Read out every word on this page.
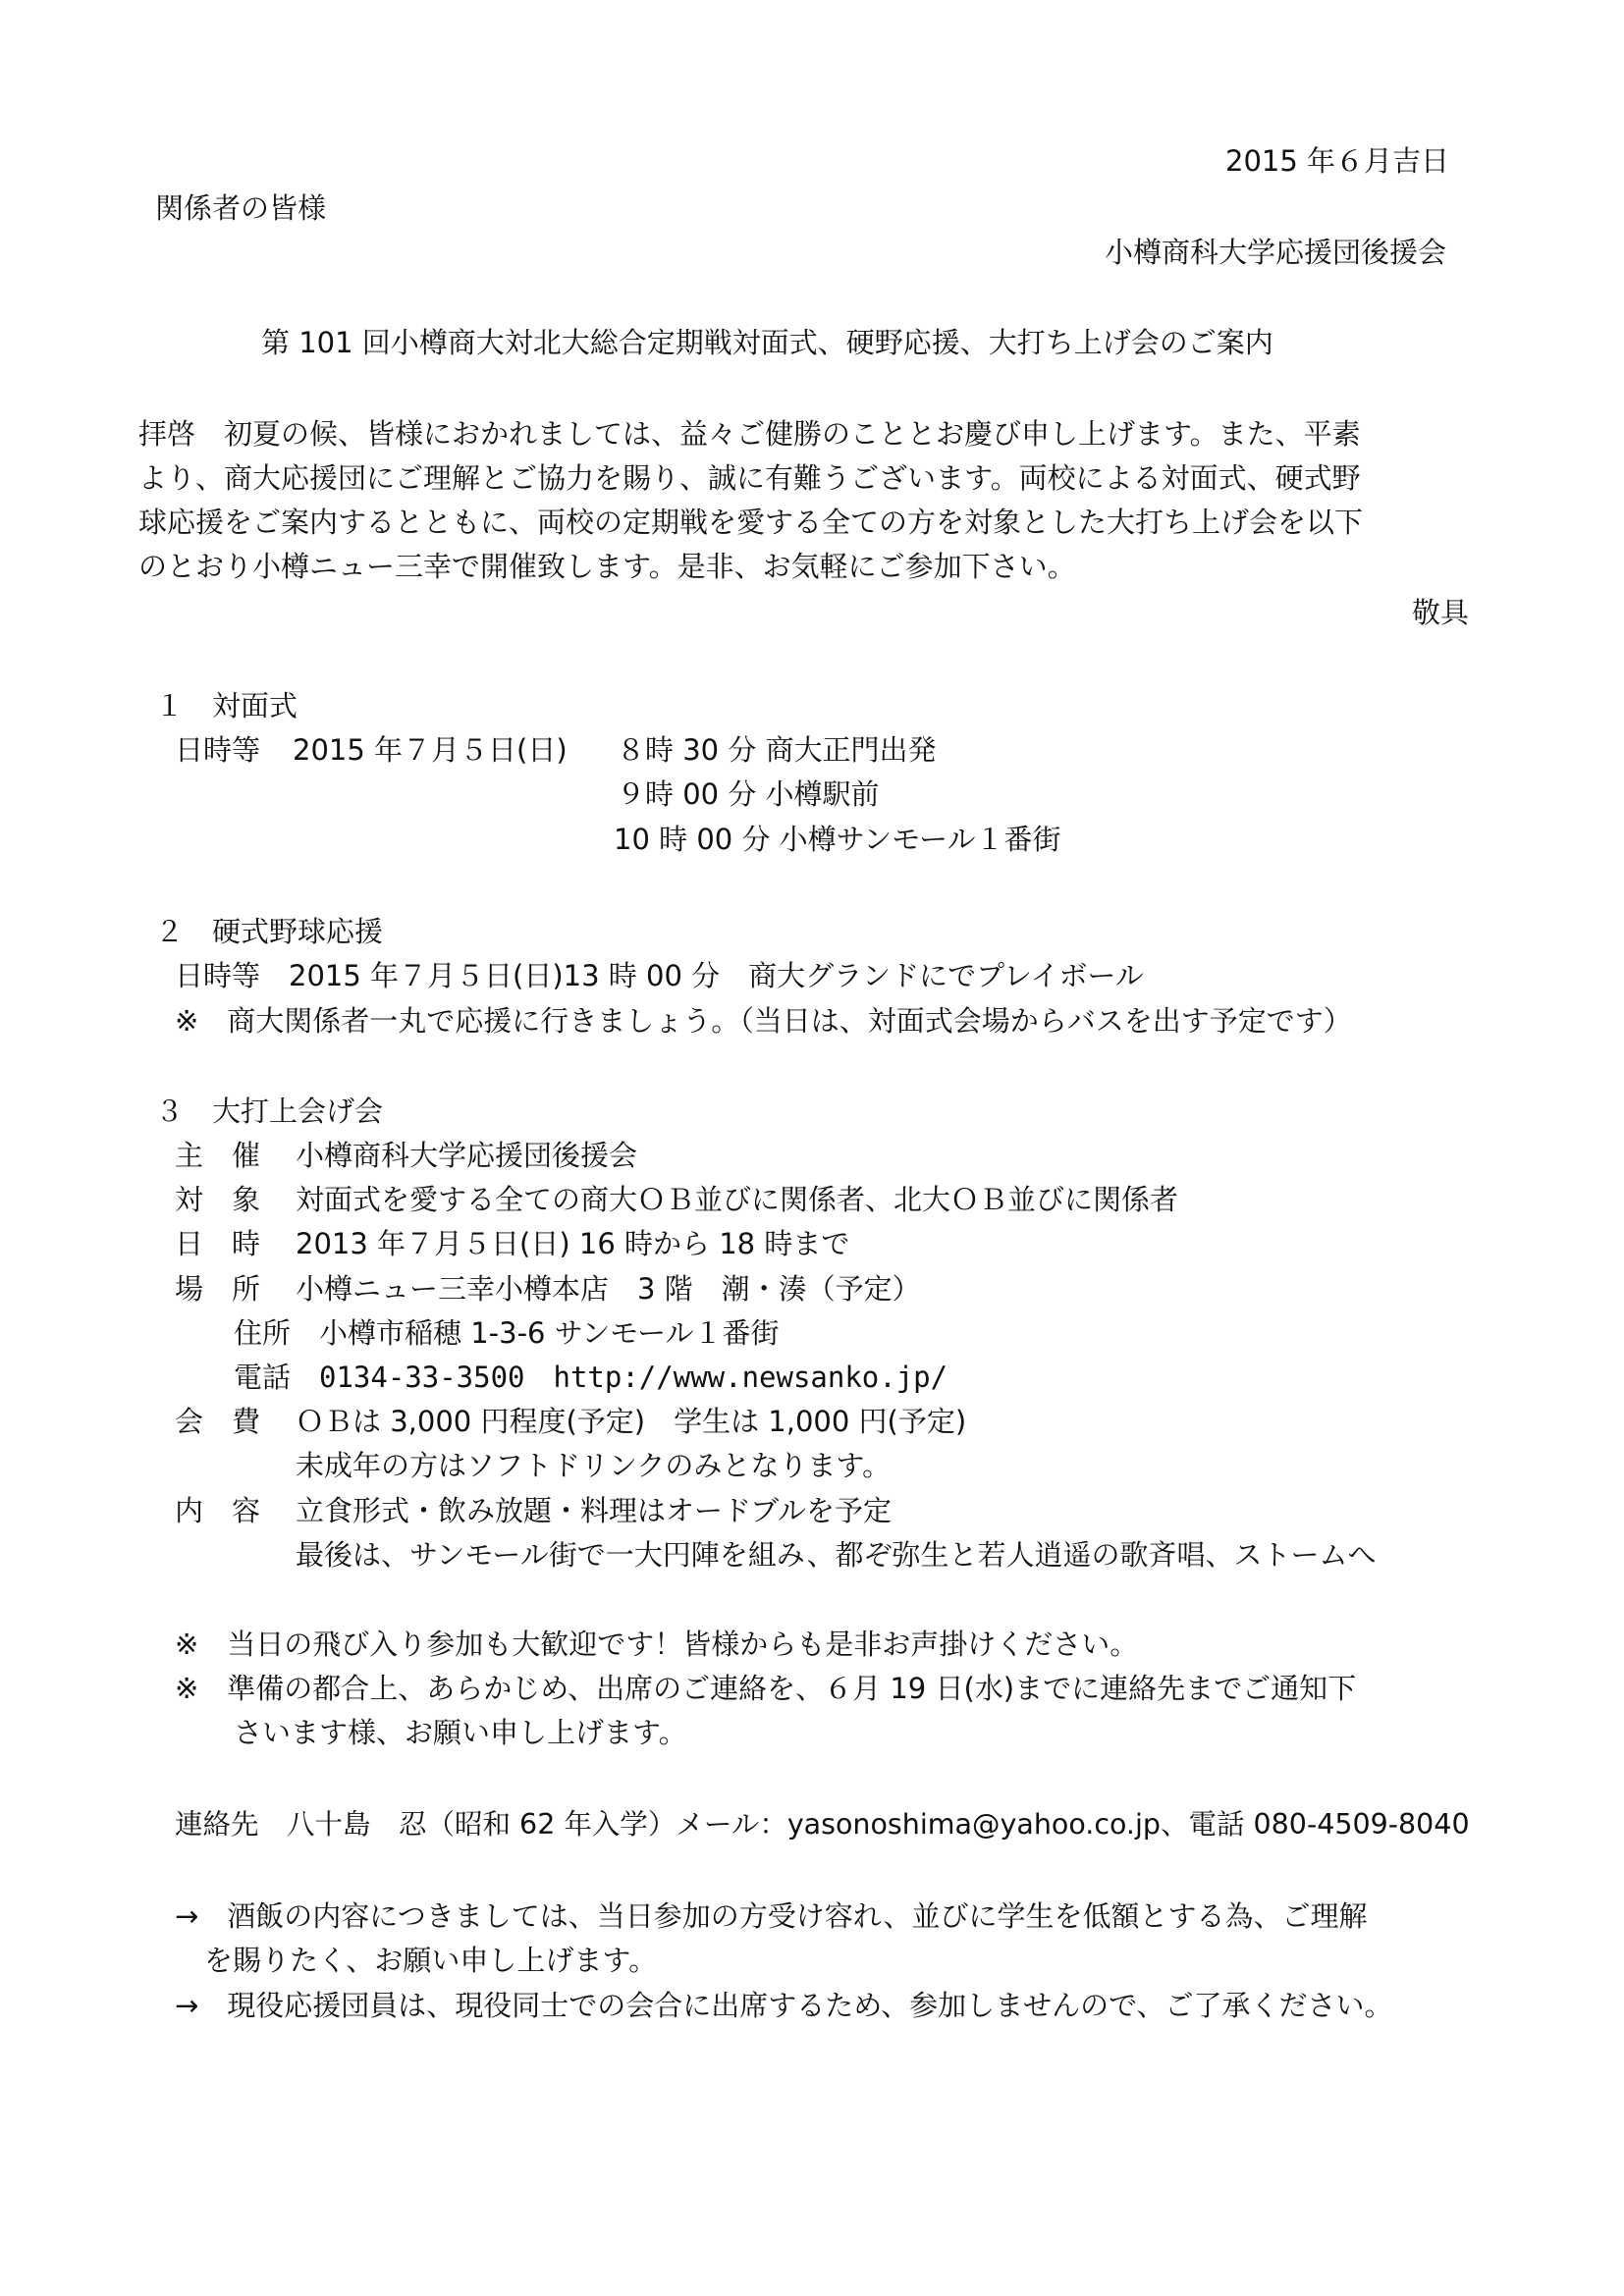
2015 年６月吉日
関係者の皆様
小樽商科大学応援団後援会
第 101 回小樽商大対北大総合定期戦対面式、硬野応援、大打ち上げ会のご案内
拝啓　初夏の候、皆様におかれましては、益々ご健勝のこととお慶び申し上げます。また、平素
より、商大応援団にご理解とご協力を賜り、誠に有難うございます。両校による対面式、硬式野
球応援をご案内するとともに、両校の定期戦を愛する全ての方を対象とした大打ち上げ会を以下
のとおり小樽ニュー三幸で開催致します。是非、お気軽にご参加下さい。
敬具
１　対面式
日時等 2015 年７月５日(日) ８時 30 分 商大正門出発
９時 00 分 小樽駅前
10 時 00 分 小樽サンモール１番街
２　硬式野球応援
日時等　2015 年７月５日(日)13 時 00 分　商大グランドにでプレイボール
※　商大関係者一丸で応援に行きましょう。（当日は、対面式会場からバスを出す予定です）
３　大打上会げ会
主　催 小樽商科大学応援団後援会
対　象 対面式を愛する全ての商大ＯＢ並びに関係者、北大ＯＢ並びに関係者
日　時 2013 年７月５日(日) 16 時から 18 時まで
場　所 小樽ニュー三幸小樽本店　3 階　潮・湊（予定）
住所　小樽市稲穂 1-3-6 サンモール１番街
電話　0134-33-3500　http://www.newsanko.jp/
会　費 ＯＢは 3,000 円程度(予定)　学生は 1,000 円(予定)
未成年の方はソフトドリンクのみとなります。
内　容 立食形式・飲み放題・料理はオードブルを予定
最後は、サンモール街で一大円陣を組み、都ぞ弥生と若人逍遥の歌斉唱、ストームへ
※　当日の飛び入り参加も大歓迎です！皆様からも是非お声掛けください。
※　準備の都合上、あらかじめ、出席のご連絡を、６月 19 日(水)までに連絡先までご通知下
さいます様、お願い申し上げます。
連絡先　八十島　忍（昭和 62 年入学）メール：yasonoshima@yahoo.co.jp、電話 080-4509-8040
→　酒飯の内容につきましては、当日参加の方受け容れ、並びに学生を低額とする為、ご理解
を賜りたく、お願い申し上げます。
→　現役応援団員は、現役同士での会合に出席するため、参加しませんので、ご了承ください。
